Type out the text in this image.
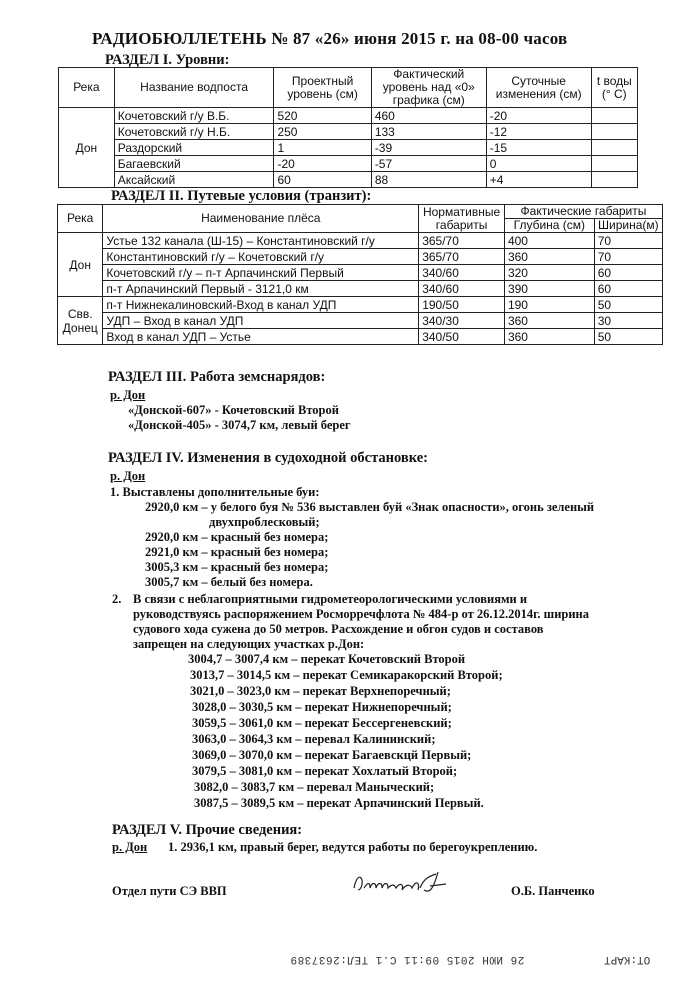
РАДИОБЮЛЛЕТЕНЬ № 87 «26» июня 2015 г. на 08-00 часов
РАЗДЕЛ I. Уровни:
Река	Название водпоста	Проектный уровень (см)	Фактический уровень над «0» графика (см)	Суточные изменения (см)	t воды (° C)
Дон	Кочетовский г/у В.Б.	520	460	-20	
	Кочетовский г/у Н.Б.	250	133	-12	
	Раздорский	1	-39	-15	
	Багаевский	-20	-57	0	
	Аксайский	60	88	+4	
РАЗДЕЛ II. Путевые условия (транзит):
Река	Наименование плёса	Нормативные габариты	Фактические габариты	
			Глубина (см)	Ширина(м)
Дон	Устье 132 канала (Ш-15) – Константиновский г/у	365/70	400	70
	Константиновский г/у – Кочетовский г/у	365/70	360	70
	Кочетовский г/у – п-т Арпачинский Первый	340/60	320	60
	п-т Арпачинский Первый - 3121,0 км	340/60	390	60
Свв. Донец	п-т Нижнекалиновский-Вход в канал УДП	190/50	190	50
	УДП – Вход в канал УДП	340/30	360	30
	Вход в канал УДП – Устье	340/50	360	50
РАЗДЕЛ III. Работа земснарядов:
р. Дон
«Донской-607» - Кочетовский Второй
«Донской-405» - 3074,7 км, левый берег
РАЗДЕЛ IV. Изменения в судоходной обстановке:
р. Дон
1. Выставлены дополнительные буи:
2920,0 км – у белого буя № 536 выставлен буй «Знак опасности», огонь зеленый
двухпроблесковый;
2920,0 км – красный без номера;
2921,0 км – красный без номера;
3005,3 км – красный без номера;
3005,7 км – белый без номера.
2. В связи с неблагоприятными гидрометеорологическими условиями и
руководствуясь распоряжением Росморречфлота № 484-р от 26.12.2014г. ширина
судового хода сужена до 50 метров. Расхождение и обгон судов и составов
запрещен на следующих участках р.Дон:
3004,7 – 3007,4 км – перекат Кочетовский Второй
3013,7 – 3014,5 км – перекат Семикаракорский Второй;
3021,0 – 3023,0 км – перекат Верхнепоречный;
3028,0 – 3030,5 км – перекат Нижнепоречный;
3059,5 – 3061,0 км – перекат Бессергеневский;
3063,0 – 3064,3 км – перевал Калининский;
3069,0 – 3070,0 км – перекат Багаевскцй Первый;
3079,5 – 3081,0 км – перекат Хохлатый Второй;
3082,0 – 3083,7 км – перевал Маныческий;
3087,5 – 3089,5 км – перекат Арпачинский Первый.
РАЗДЕЛ V. Прочие сведения:
р. Дон 1. 2936,1 км, правый берег, ведутся работы по берегоукреплению.
Отдел пути СЭ ВВП	О.Б. Панченко
26 ИЮН 2015 09:11 С.1 ТЕЛ:2637389	ОТ:КАРТ
